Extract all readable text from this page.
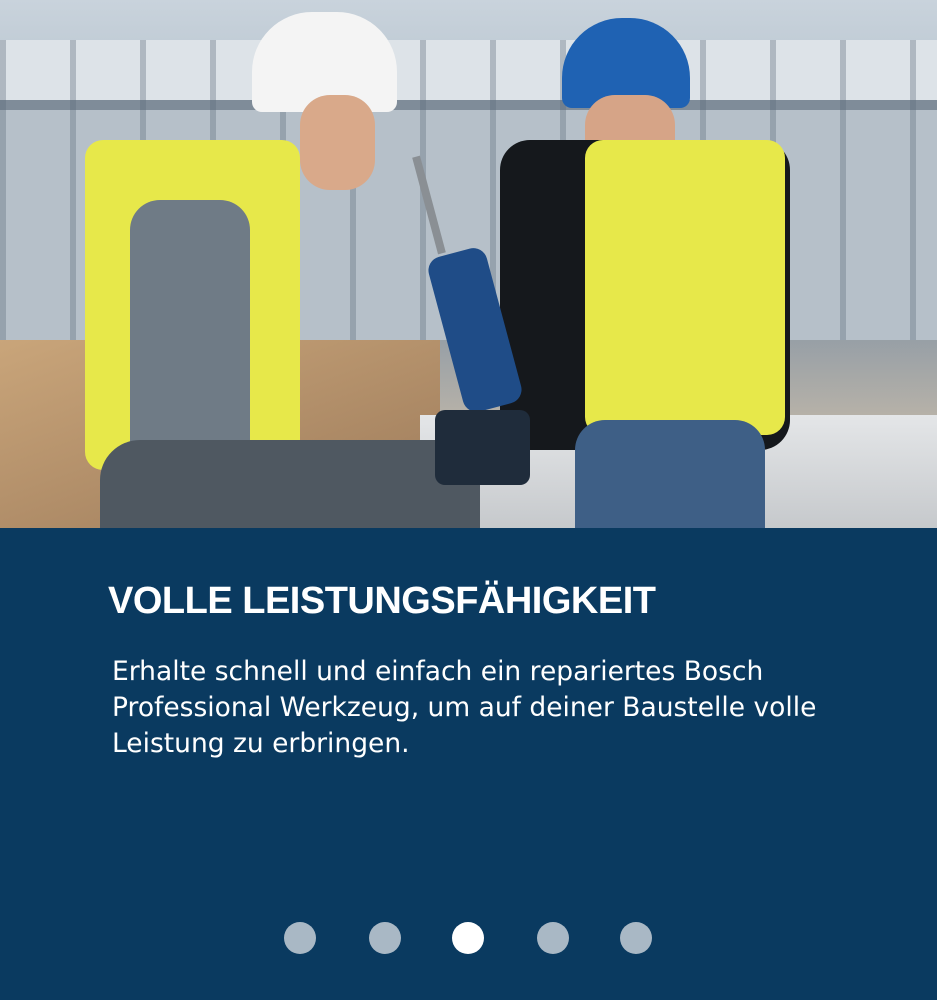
VOLLE LEISTUNGSFÄHIGKEIT

Erhalte schnell und einfach ein repariertes Bosch Professional Werkzeug, um auf deiner Baustelle volle Leistung zu erbringen.
